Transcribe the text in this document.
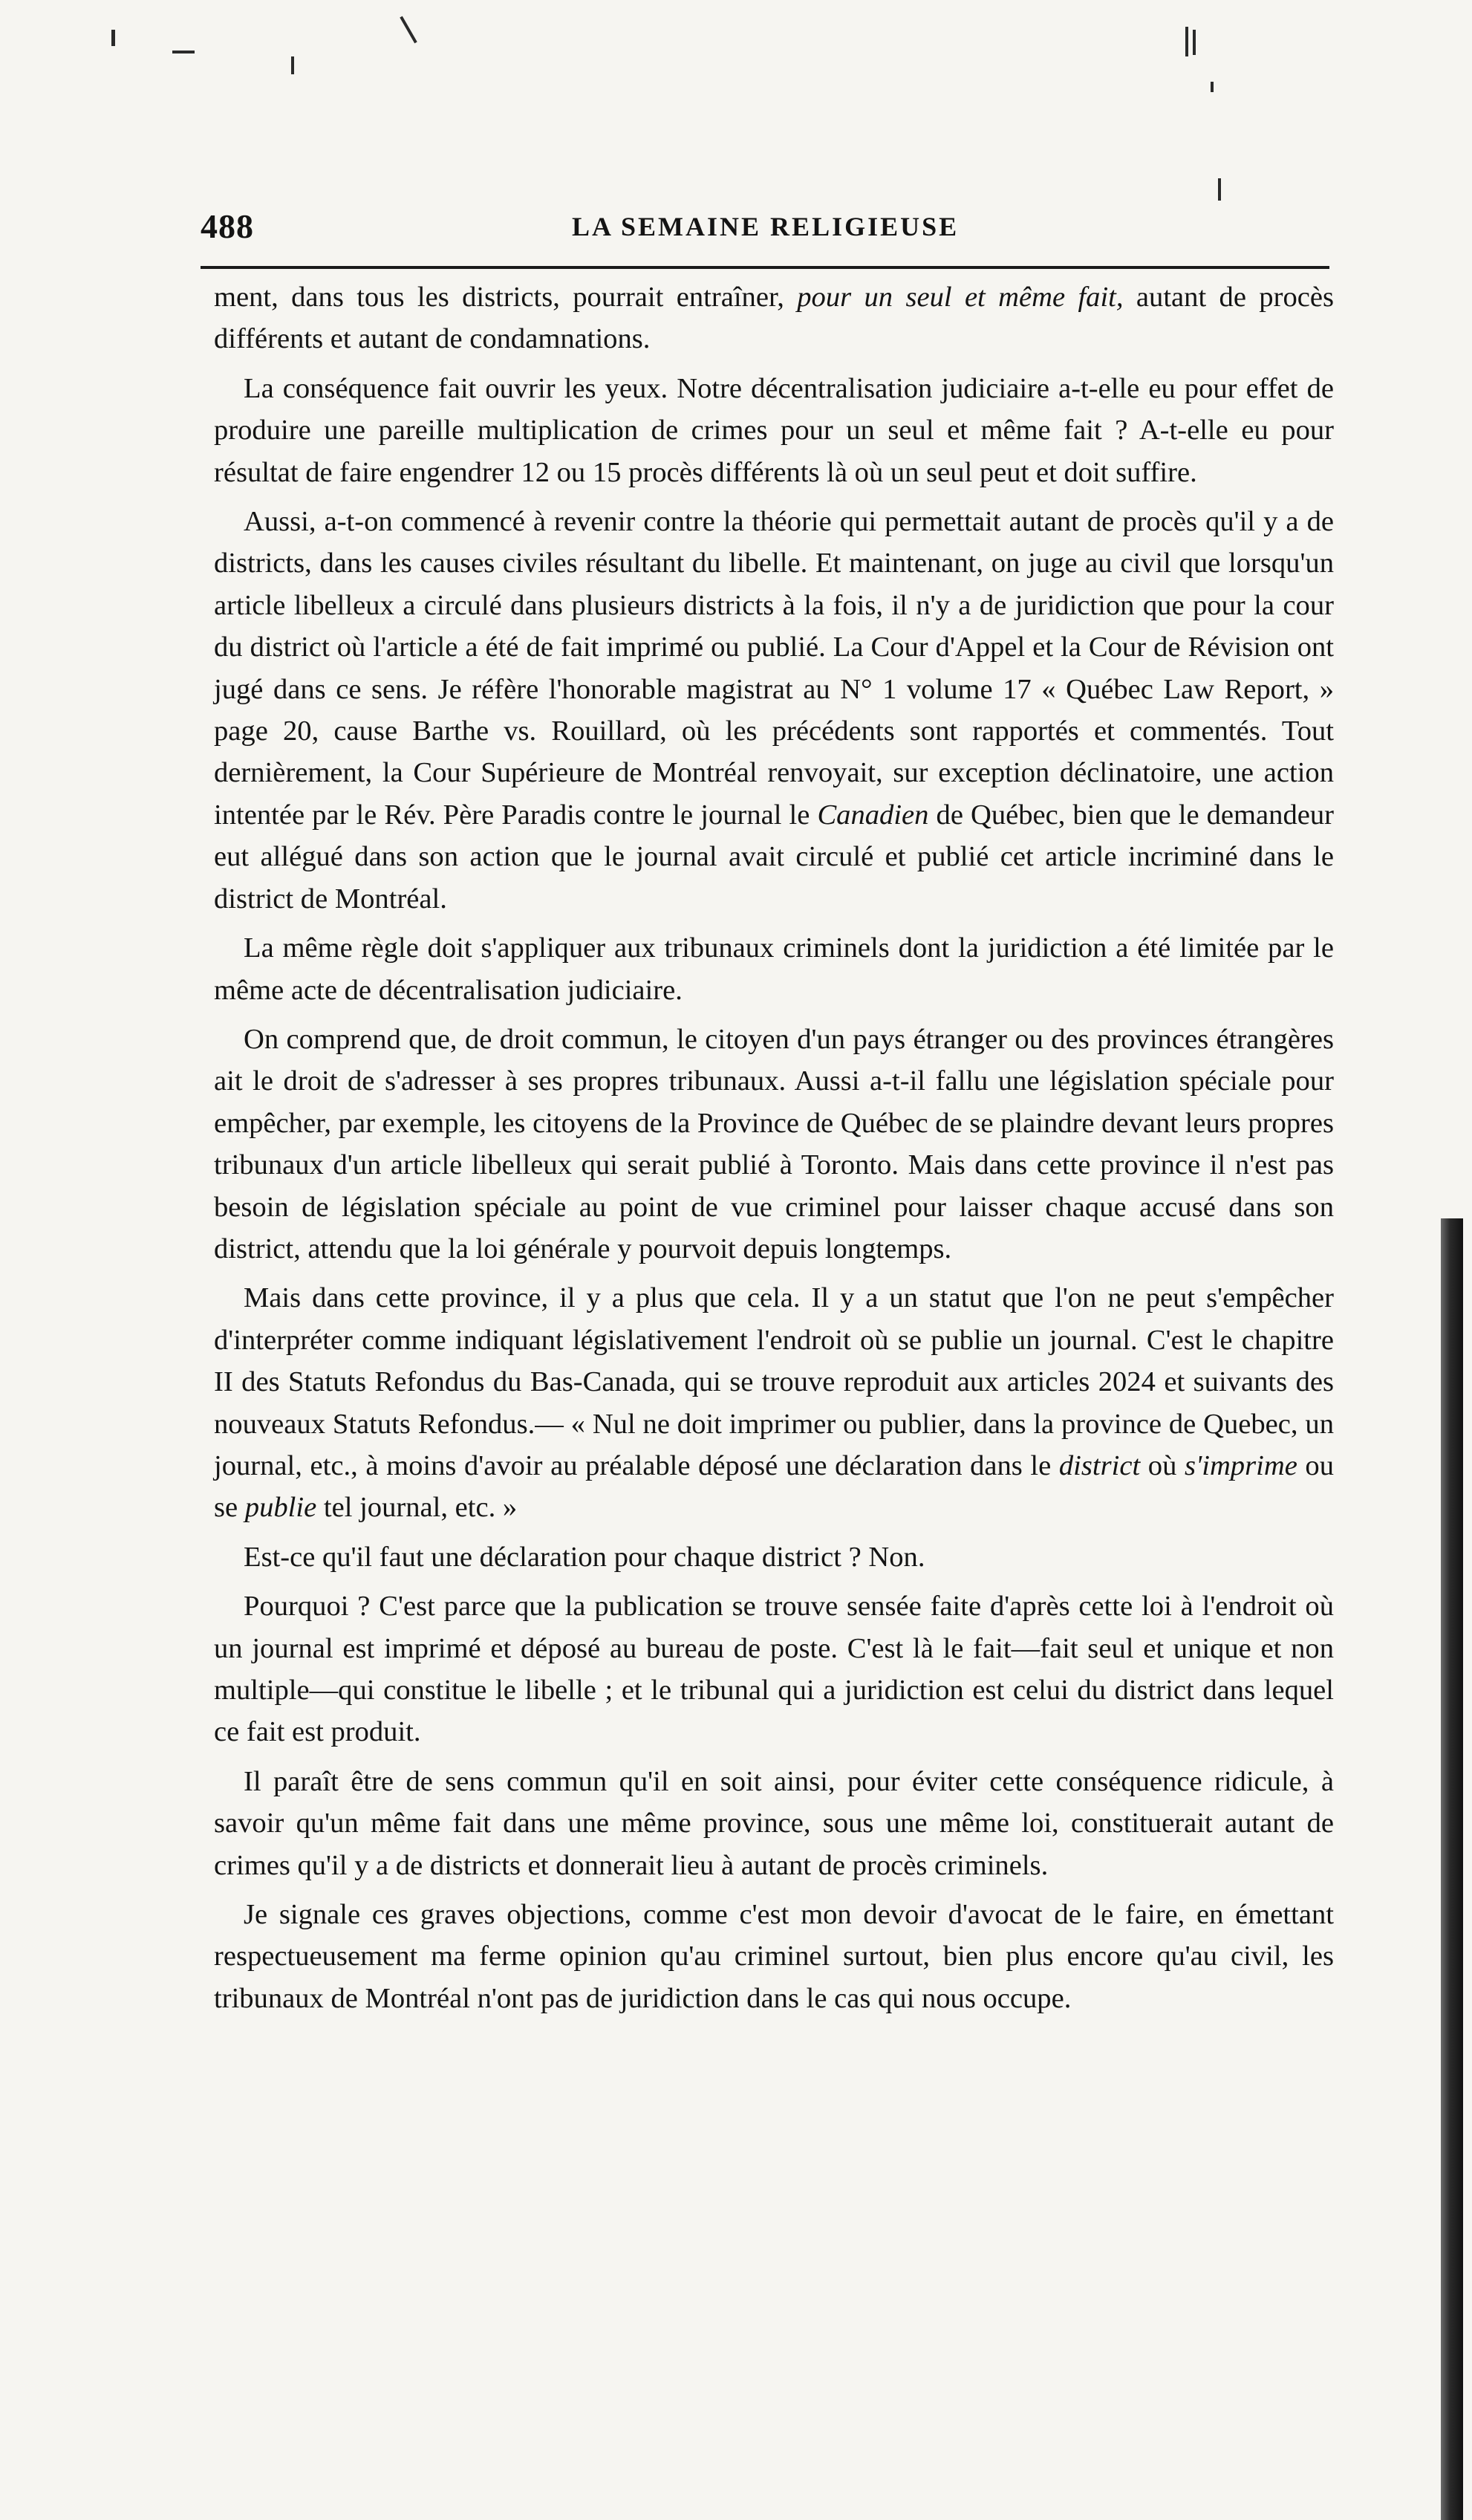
488	LA SEMAINE RELIGIEUSE

ment, dans tous les districts, pourrait entraîner, pour un seul et même fait, autant de procès différents et autant de condamnations.

La conséquence fait ouvrir les yeux. Notre décentralisation judiciaire a-t-elle eu pour effet de produire une pareille multiplication de crimes pour un seul et même fait ? A-t-elle eu pour résultat de faire engendrer 12 ou 15 procès différents là où un seul peut et doit suffire.

Aussi, a-t-on commencé à revenir contre la théorie qui permettait autant de procès qu'il y a de districts, dans les causes civiles résultant du libelle. Et maintenant, on juge au civil que lorsqu'un article libelleux a circulé dans plusieurs districts à la fois, il n'y a de juridiction que pour la cour du district où l'article a été de fait imprimé ou publié. La Cour d'Appel et la Cour de Révision ont jugé dans ce sens. Je réfère l'honorable magistrat au N° 1 volume 17 « Québec Law Report, » page 20, cause Barthe vs. Rouillard, où les précédents sont rapportés et commentés. Tout dernièrement, la Cour Supérieure de Montréal renvoyait, sur exception déclinatoire, une action intentée par le Rév. Père Paradis contre le journal le Canadien de Québec, bien que le demandeur eut allégué dans son action que le journal avait circulé et publié cet article incriminé dans le district de Montréal.

La même règle doit s'appliquer aux tribunaux criminels dont la juridiction a été limitée par le même acte de décentralisation judiciaire.

On comprend que, de droit commun, le citoyen d'un pays étranger ou des provinces étrangères ait le droit de s'adresser à ses propres tribunaux. Aussi a-t-il fallu une législation spéciale pour empêcher, par exemple, les citoyens de la Province de Québec de se plaindre devant leurs propres tribunaux d'un article libelleux qui serait publié à Toronto. Mais dans cette province il n'est pas besoin de législation spéciale au point de vue criminel pour laisser chaque accusé dans son district, attendu que la loi générale y pourvoit depuis longtemps.

Mais dans cette province, il y a plus que cela. Il y a un statut que l'on ne peut s'empêcher d'interpréter comme indiquant législativement l'endroit où se publie un journal. C'est le chapitre II des Statuts Refondus du Bas-Canada, qui se trouve reproduit aux articles 2024 et suivants des nouveaux Statuts Refondus.— « Nul ne doit imprimer ou publier, dans la province de Quebec, un journal, etc., à moins d'avoir au préalable déposé une déclaration dans le district où s'imprime ou se publie tel journal, etc. »

Est-ce qu'il faut une déclaration pour chaque district ? Non.

Pourquoi ? C'est parce que la publication se trouve sensée faite d'après cette loi à l'endroit où un journal est imprimé et déposé au bureau de poste. C'est là le fait—fait seul et unique et non multiple—qui constitue le libelle ; et le tribunal qui a juridiction est celui du district dans lequel ce fait est produit.

Il paraît être de sens commun qu'il en soit ainsi, pour éviter cette conséquence ridicule, à savoir qu'un même fait dans une même province, sous une même loi, constituerait autant de crimes qu'il y a de districts et donnerait lieu à autant de procès criminels.

Je signale ces graves objections, comme c'est mon devoir d'avocat de le faire, en émettant respectueusement ma ferme opinion qu'au criminel surtout, bien plus encore qu'au civil, les tribunaux de Montréal n'ont pas de juridiction dans le cas qui nous occupe.
